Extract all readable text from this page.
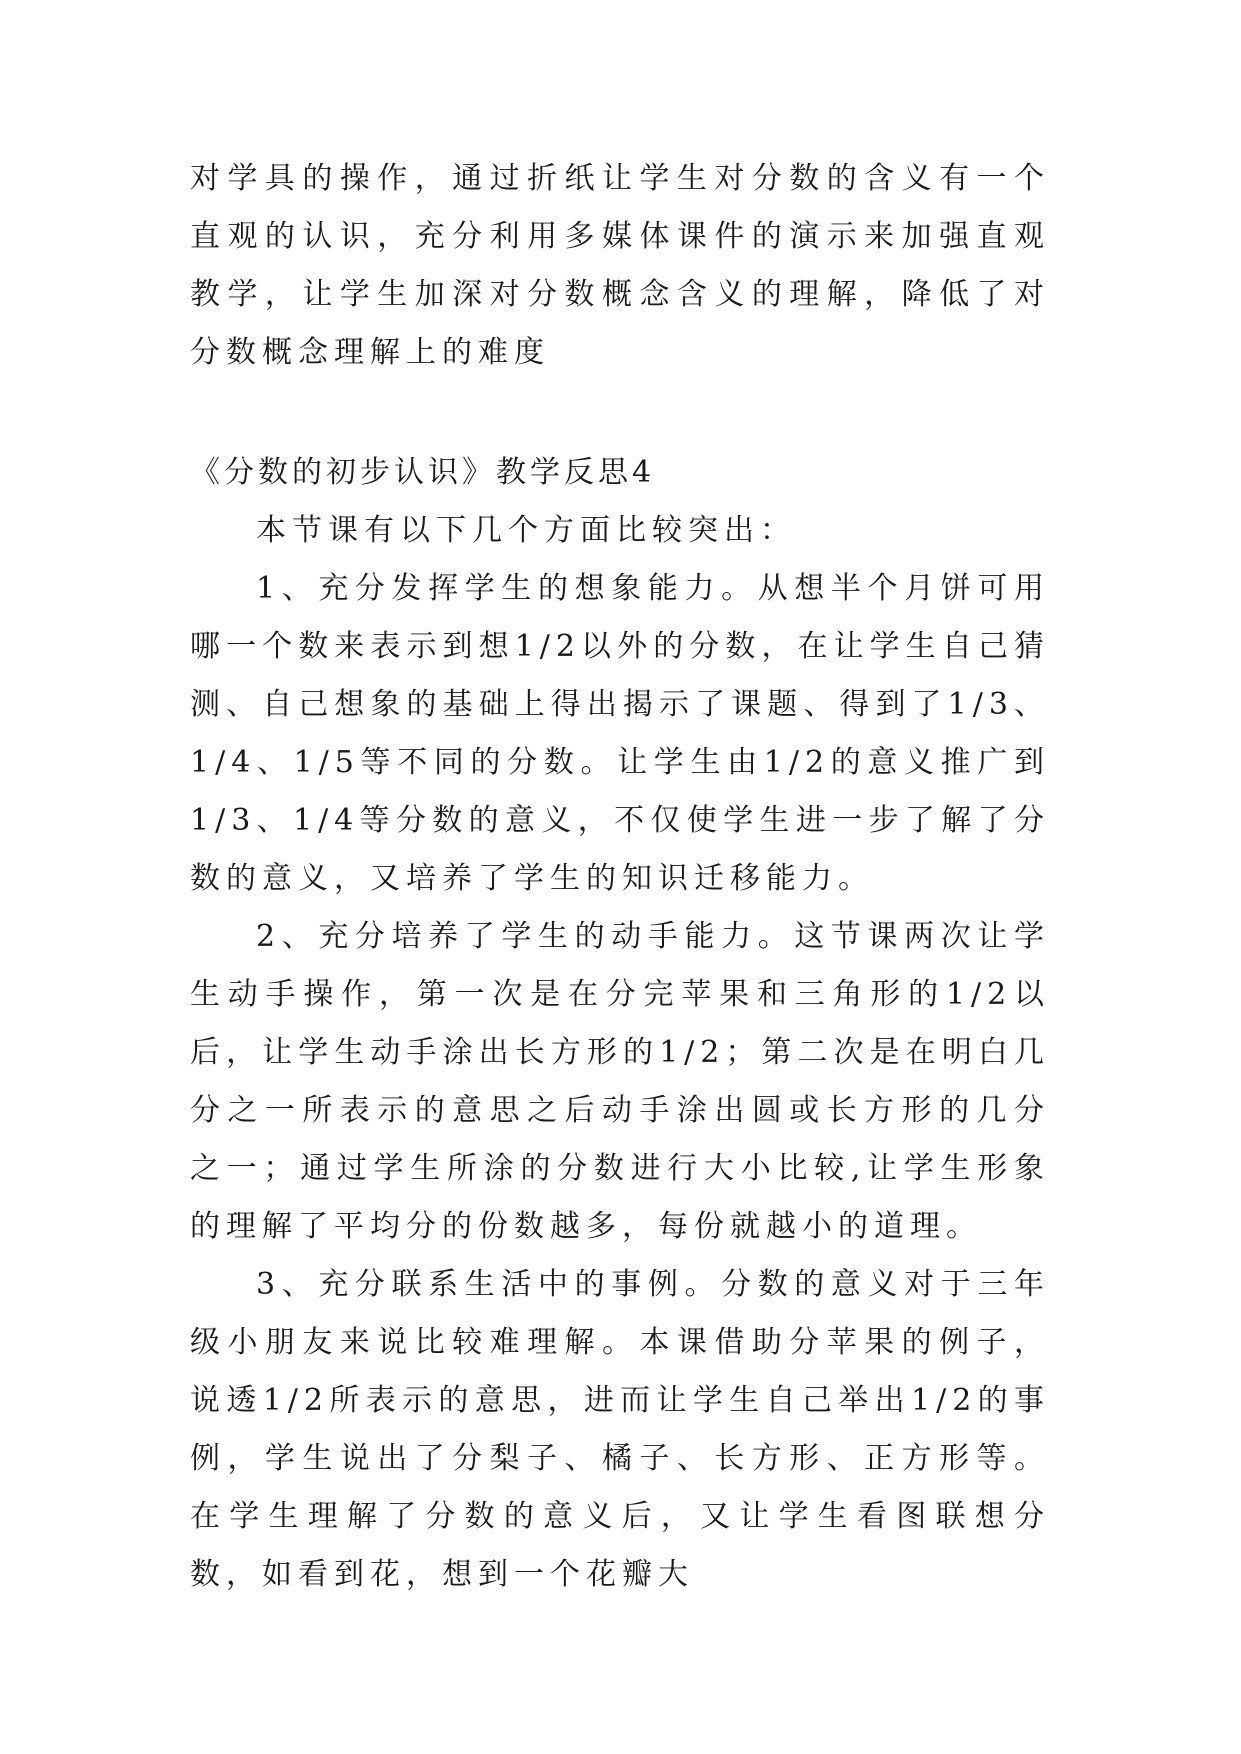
对学具的操作，通过折纸让学生对分数的含义有一个直观的认识，充分利用多媒体课件的演示来加强直观教学，让学生加深对分数概念含义的理解，降低了对分数概念理解上的难度

《分数的初步认识》教学反思4

本节课有以下几个方面比较突出：

1、充分发挥学生的想象能力。从想半个月饼可用哪一个数来表示到想1/2以外的分数，在让学生自己猜测、自己想象的基础上得出揭示了课题、得到了1/3、1/4、1/5等不同的分数。让学生由1/2的意义推广到1/3、1/4等分数的意义，不仅使学生进一步了解了分数的意义，又培养了学生的知识迁移能力。

2、充分培养了学生的动手能力。这节课两次让学生动手操作，第一次是在分完苹果和三角形的1/2以后，让学生动手涂出长方形的1/2；第二次是在明白几分之一所表示的意思之后动手涂出圆或长方形的几分之一；通过学生所涂的分数进行大小比较,让学生形象的理解了平均分的份数越多，每份就越小的道理。

3、充分联系生活中的事例。分数的意义对于三年级小朋友来说比较难理解。本课借助分苹果的例子，说透1/2所表示的意思，进而让学生自己举出1/2的事例，学生说出了分梨子、橘子、长方形、正方形等。在学生理解了分数的意义后，又让学生看图联想分数，如看到花，想到一个花瓣大
